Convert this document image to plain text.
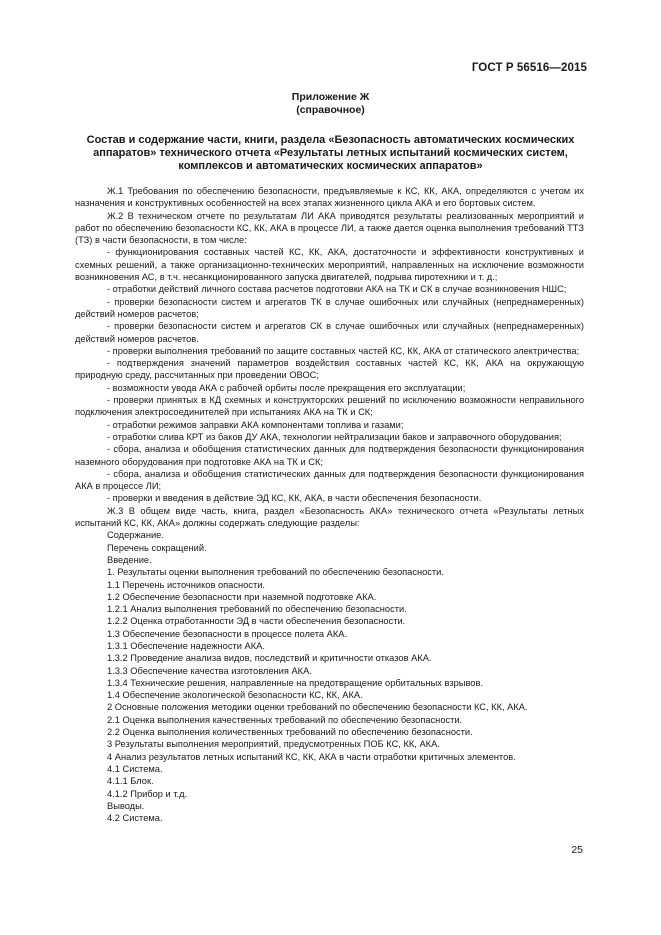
ГОСТ Р 56516—2015
Приложение Ж
(справочное)
Состав и содержание части, книги, раздела «Безопасность автоматических космических аппаратов» технического отчета «Результаты летных испытаний космических систем, комплексов и автоматических космических аппаратов»

Ж.1 Требования по обеспечению безопасности, предъявляемые к КС, КК, АКА, определяются с учетом их назначения и конструктивных особенностей на всех этапах жизненного цикла АКА и его бортовых систем.

Ж.2 В техническом отчете по результатам ЛИ АКА приводятся результаты реализованных мероприятий и работ по обеспечению безопасности КС, КК, АКА в процессе ЛИ, а также дается оценка выполнения требований ТТЗ (ТЗ) в части безопасности, в том числе:

- функционирования составных частей КС, КК, АКА, достаточности и эффективности конструктивных и схемных решений, а также организационно-технических мероприятий, направленных на исключение возможности возникновения АС, в т.ч. несанкционированного запуска двигателей, подрыва пиротехники и т. д.;

- отработки действий личного состава расчетов подготовки АКА на ТК и СК в случае возникновения НШС;

- проверки безопасности систем и агрегатов ТК в случае ошибочных или случайных (непреднамеренных) действий номеров расчетов;

- проверки безопасности систем и агрегатов СК в случае ошибочных или случайных (непреднамеренных) действий номеров расчетов.

- проверки выполнения требований по защите составных частей КС, КК, АКА от статического электричества;

- подтверждения значений параметров воздействия составных частей КС, КК, АКА на окружающую природную среду, рассчитанных при проведении ОВОС;

- возможности увода АКА с рабочей орбиты после прекращения его эксплуатации;

- проверки принятых в КД схемных и конструкторских решений по исключению возможности неправильного подключения электросоединителей при испытаниях АКА на ТК и СК;

- отработки режимов заправки АКА компонентами топлива и газами;

- отработки слива КРТ из баков ДУ АКА, технологии нейтрализации баков и заправочного оборудования;

- сбора, анализа и обобщения статистических данных для подтверждения безопасности функционирования наземного оборудования при подготовке АКА на ТК и СК;

- сбора, анализа и обобщения статистических данных для подтверждения безопасности функционирования АКА в процессе ЛИ;

- проверки и введения в действие ЭД КС, КК, АКА, в части обеспечения безопасности.

Ж.3 В общем виде часть, книга, раздел «Безопасность АКА» технического отчета «Результаты летных испытаний КС, КК, АКА» должны содержать следующие разделы:

Содержание.

Перечень сокращений.

Введение.

1. Результаты оценки выполнения требований по обеспечению безопасности.

1.1 Перечень источников опасности.

1.2 Обеспечение безопасности при наземной подготовке АКА.

1.2.1 Анализ выполнения требований по обеспечению безопасности.

1.2.2 Оценка отработанности ЭД в части обеспечения безопасности.

1.3 Обеспечение безопасности в процессе полета АКА.

1.3.1 Обеспечение надежности АКА.

1.3.2 Проведение анализа видов, последствий и критичности отказов АКА.

1.3.3 Обеспечение качества изготовления АКА.

1.3.4 Технические решения, направленные на предотвращение орбитальных взрывов.

1.4 Обеспечение экологической безопасности КС, КК, АКА.

2 Основные положения методики оценки требований по обеспечению безопасности КС, КК, АКА.

2.1 Оценка выполнения качественных требований по обеспечению безопасности.

2.2 Оценка выполнения количественных требований по обеспечению безопасности.

3 Результаты выполнения мероприятий, предусмотренных ПОБ КС, КК, АКА.

4 Анализ результатов летных испытаний КС, КК, АКА в части отработки критичных элементов.

4.1 Система.

4.1.1 Блок.

4.1.2 Прибор и т.д.

Выводы.

4.2 Система.

25
